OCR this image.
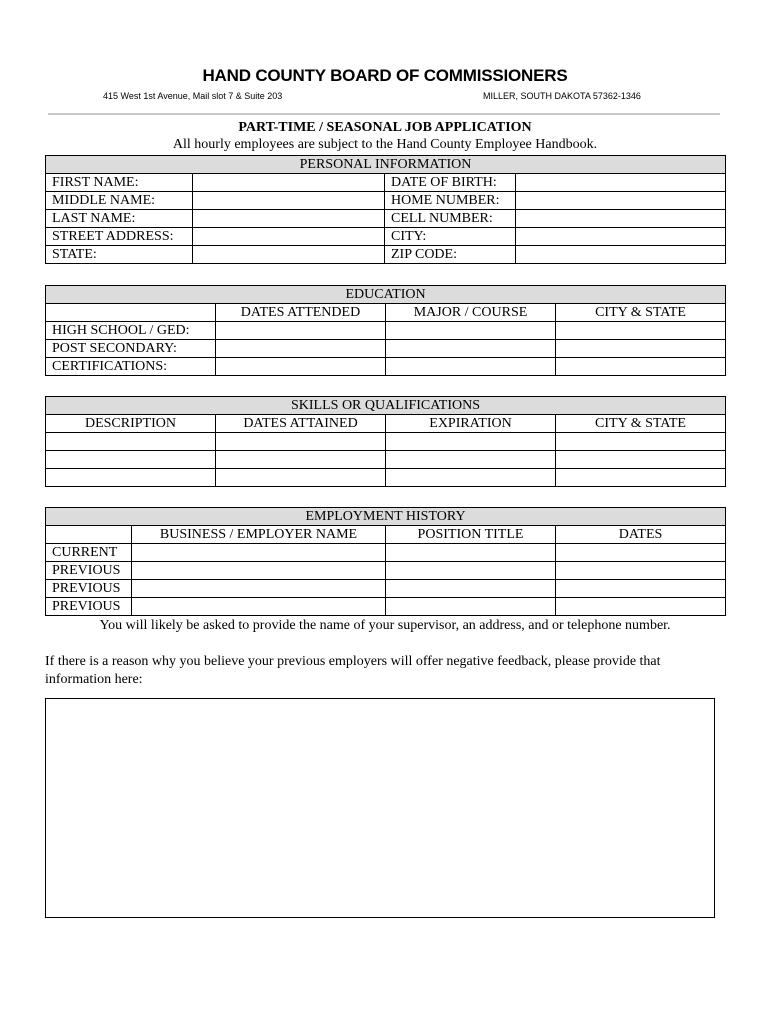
HAND COUNTY BOARD OF COMMISSIONERS
415 West 1st Avenue, Mail slot 7 & Suite 203	MILLER, SOUTH DAKOTA 57362-1346
PART-TIME / SEASONAL JOB APPLICATION
All hourly employees are subject to the Hand County Employee Handbook.
PERSONAL INFORMATION			
FIRST NAME:		DATE OF BIRTH:	
MIDDLE NAME:		HOME NUMBER:	
LAST NAME:		CELL NUMBER:	
STREET ADDRESS:		CITY:	
STATE:		ZIP CODE:	
EDUCATION			
	DATES ATTENDED	MAJOR / COURSE	CITY & STATE
HIGH SCHOOL / GED:			
POST SECONDARY:			
CERTIFICATIONS:			
SKILLS OR QUALIFICATIONS			
DESCRIPTION	DATES ATTAINED	EXPIRATION	CITY & STATE

EMPLOYMENT HISTORY			
	BUSINESS / EMPLOYER NAME	POSITION TITLE	DATES
CURRENT			
PREVIOUS			
PREVIOUS			
PREVIOUS			
You will likely be asked to provide the name of your supervisor, an address, and or telephone number.
If there is a reason why you believe your previous employers will offer negative feedback, please provide that information here:
